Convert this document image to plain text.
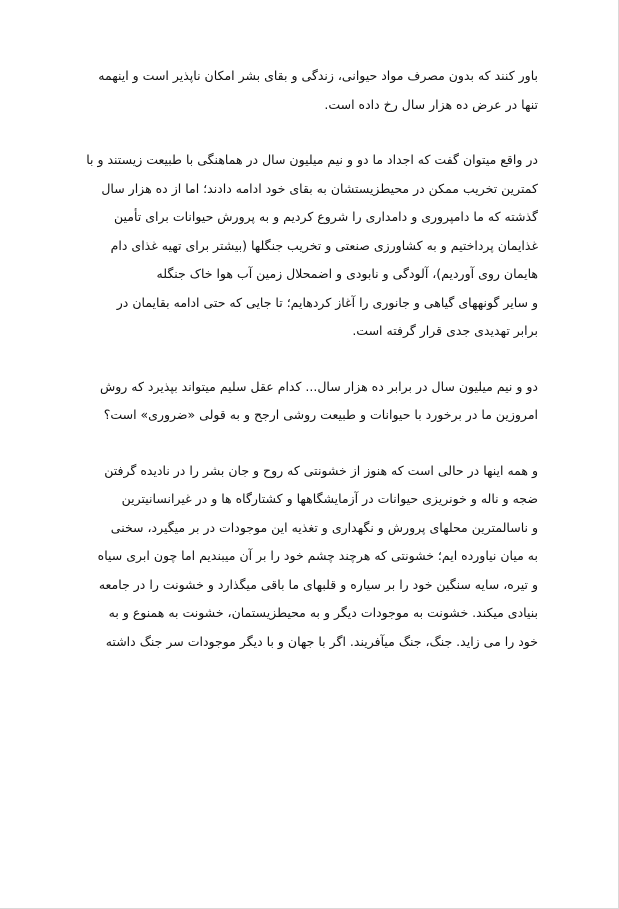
باور کنند که بدون مصرف مواد حیوانی، زندگی و بقای بشر امکان ناپذیر است و اینهمه
تنها در عرض ده هزار سال رخ داده است.

در واقع میتوان گفت که اجداد ما دو و نیم میلیون سال در هماهنگی با طبیعت زیستند و با
کمترین تخریب ممکن در محیطزیستشان به بقای خود ادامه دادند؛ اما از ده هزار سال
گذشته که ما دامپروری و دامداری را شروع کردیم و به پرورش حیوانات برای تأمین
غذایمان پرداختیم و به کشاورزی صنعتی و تخریب جنگلها (بیشتر برای تهیه غذای دام
هایمان روی آوردیم)، آلودگی و نابودی و اضمحلال زمین آب هوا خاک جنگله
و سایر گونههای گیاهی و جانوری را آغاز کردهایم؛ تا جایی که حتی ادامه بقایمان در
برابر تهدیدی جدی قرار گرفته است.

دو و نیم میلیون سال در برابر ده هزار سال... کدام عقل سلیم میتواند بپذیرد که روش
امروزین ما در برخورد با حیوانات و طبیعت روشی ارجح و به قولی «ضروری» است؟

و همه اینها در حالی است که هنوز از خشونتی که روح و جان بشر را در نادیده گرفتن
ضجه و ناله و خونریزی حیوانات در آزمایشگاهها و کشتارگاه ها و در غیرانسانیترین
و ناسالمترین محلهای پرورش و نگهداری و تغذیه این موجودات در بر میگیرد، سخنی
به میان نیاورده ایم؛ خشونتی که هرچند چشم خود را بر آن میبندیم اما چون ابری سیاه
و تیره، سایه سنگین خود را بر سیاره و قلبهای ما باقی میگذارد و خشونت را در جامعه
بنیادی میکند. خشونت به موجودات دیگر و به محیطزیستمان، خشونت به همنوع و به
خود را می زاید. جنگ، جنگ میآفریند. اگر با جهان و با دیگر موجودات سر جنگ داشته
